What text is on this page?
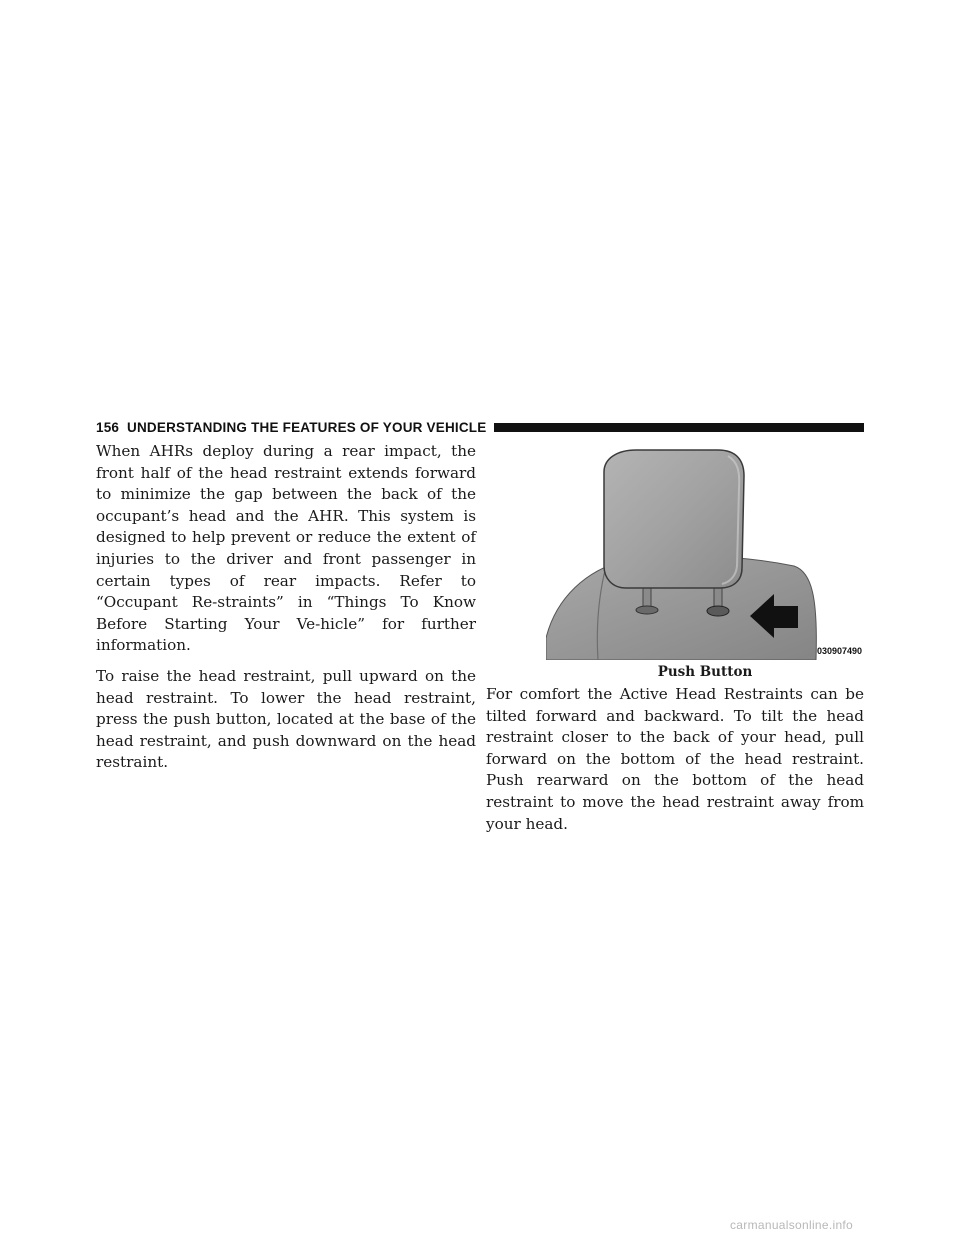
156 UNDERSTANDING THE FEATURES OF YOUR VEHICLE

When AHRs deploy during a rear impact, the front half of the head restraint extends forward to minimize the gap between the back of the occupant’s head and the AHR. This system is designed to help prevent or reduce the extent of injuries to the driver and front passenger in certain types of rear impacts. Refer to “Occupant Re-straints” in “Things To Know Before Starting Your Ve-hicle” for further information.

To raise the head restraint, pull upward on the head restraint. To lower the head restraint, press the push button, located at the base of the head restraint, and push downward on the head restraint.

030907490
Push Button

For comfort the Active Head Restraints can be tilted forward and backward. To tilt the head restraint closer to the back of your head, pull forward on the bottom of the head restraint. Push rearward on the bottom of the head restraint to move the head restraint away from your head.

carmanualsonline.info
